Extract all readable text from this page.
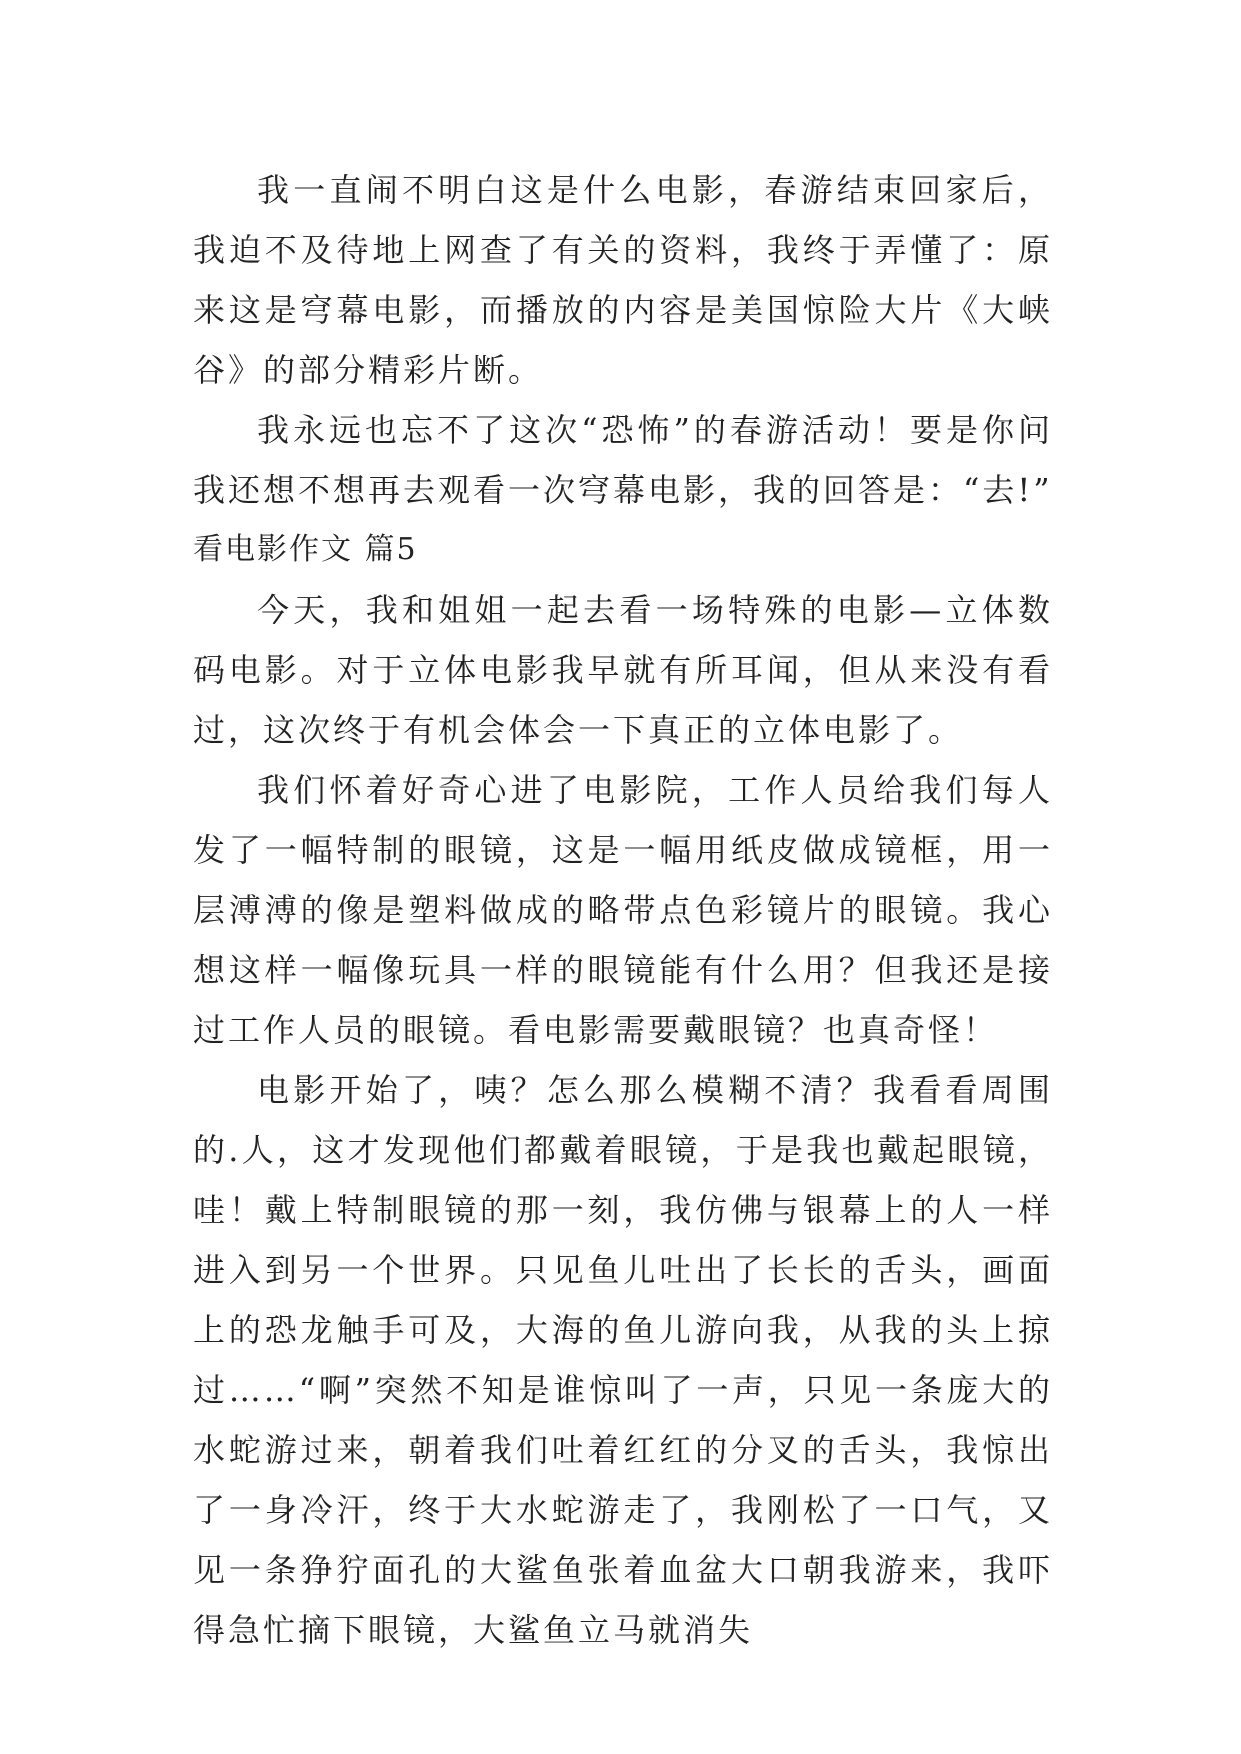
我一直闹不明白这是什么电影，春游结束回家后，我迫不及待地上网查了有关的资料，我终于弄懂了：原来这是穹幕电影，而播放的内容是美国惊险大片《大峡谷》的部分精彩片断。

我永远也忘不了这次“恐怖”的春游活动！要是你问我还想不想再去观看一次穹幕电影，我的回答是：“去!”

看电影作文 篇5

今天，我和姐姐一起去看一场特殊的电影—立体数码电影。对于立体电影我早就有所耳闻，但从来没有看过，这次终于有机会体会一下真正的立体电影了。

我们怀着好奇心进了电影院，工作人员给我们每人发了一幅特制的眼镜，这是一幅用纸皮做成镜框，用一层溥溥的像是塑料做成的略带点色彩镜片的眼镜。我心想这样一幅像玩具一样的眼镜能有什么用？但我还是接过工作人员的眼镜。看电影需要戴眼镜？也真奇怪！

电影开始了，咦？怎么那么模糊不清？我看看周围的.人，这才发现他们都戴着眼镜，于是我也戴起眼镜，哇！戴上特制眼镜的那一刻，我仿佛与银幕上的人一样进入到另一个世界。只见鱼儿吐出了长长的舌头，画面上的恐龙触手可及，大海的鱼儿游向我，从我的头上掠过……“啊”突然不知是谁惊叫了一声，只见一条庞大的水蛇游过来，朝着我们吐着红红的分叉的舌头，我惊出了一身冷汗，终于大水蛇游走了，我刚松了一口气，又见一条狰狞面孔的大鲨鱼张着血盆大口朝我游来，我吓得急忙摘下眼镜，大鲨鱼立马就消失
